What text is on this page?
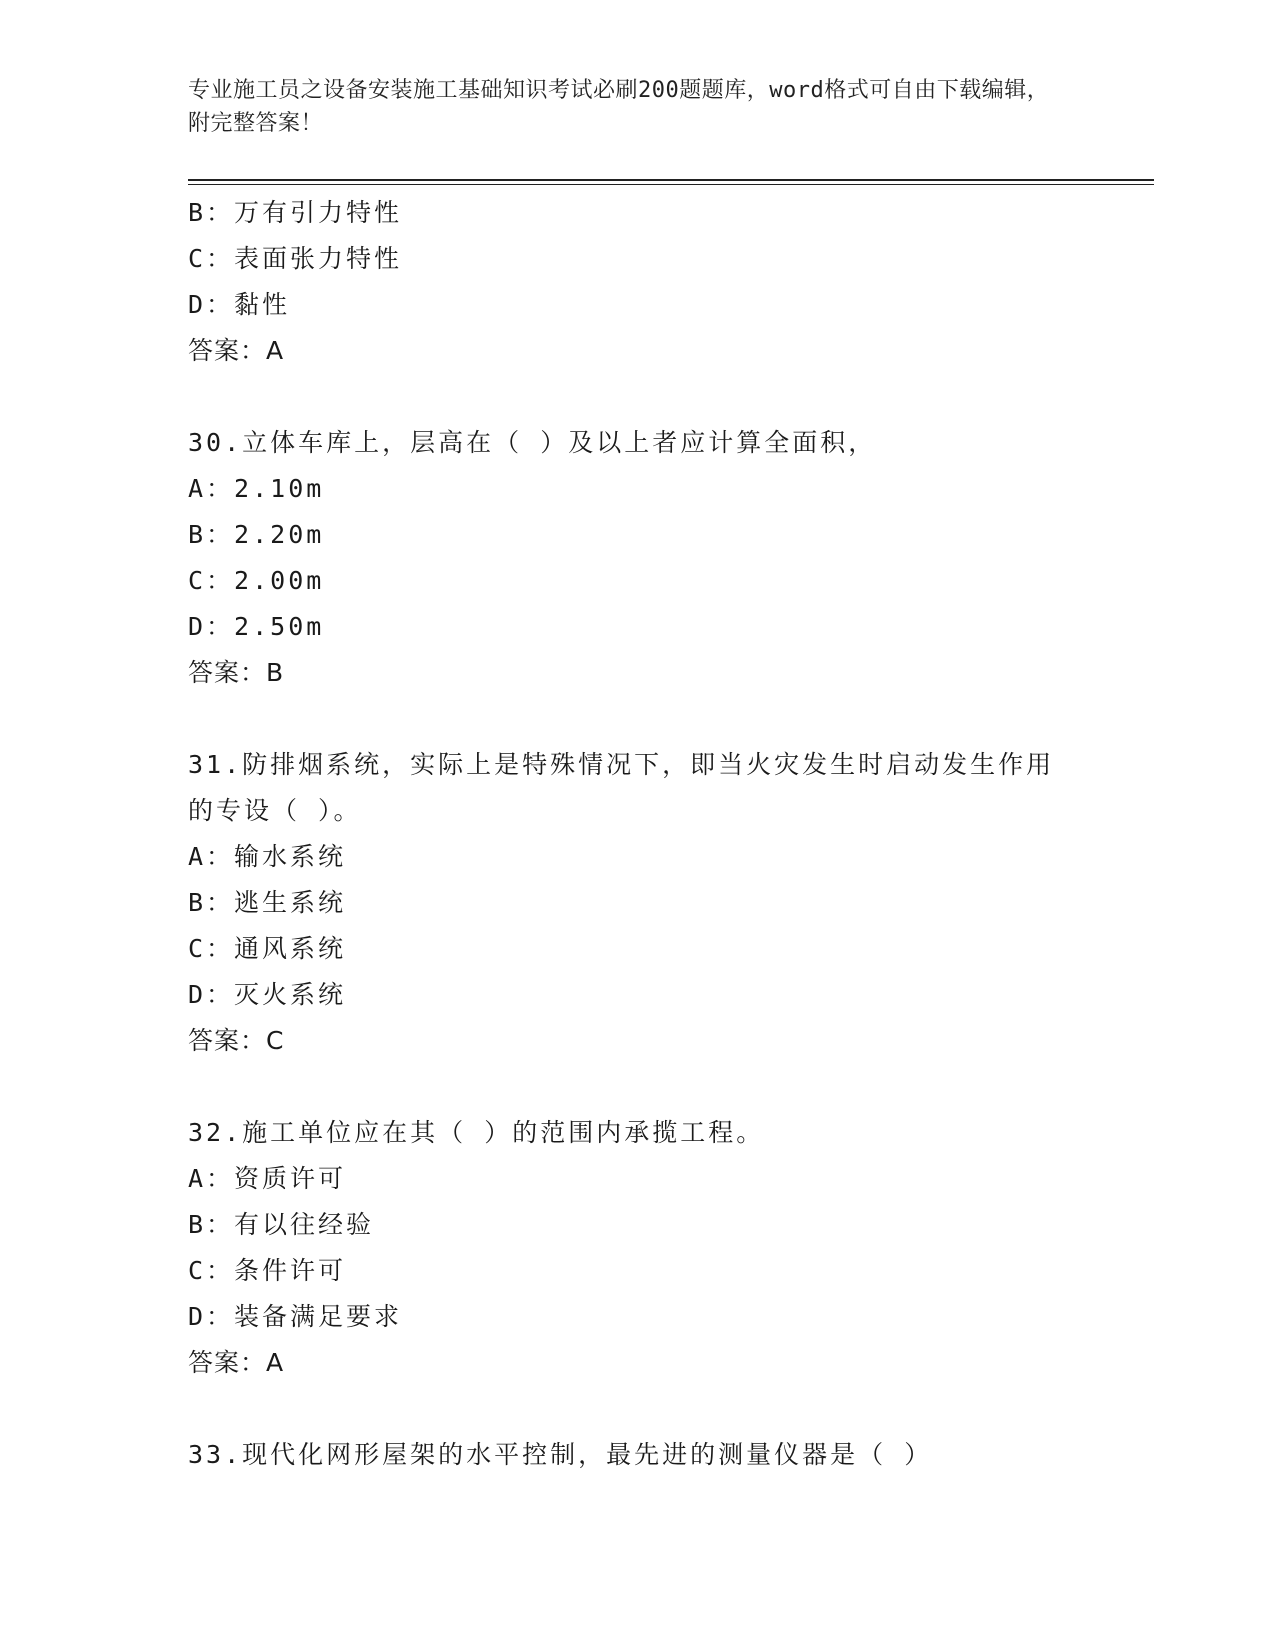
专业施工员之设备安装施工基础知识考试必刷200题题库，word格式可自由下载编辑，附完整答案！
B：万有引力特性
C：表面张力特性
D：黏性
答案：A
30.立体车库上，层高在（ ）及以上者应计算全面积，
A：2.10m
B：2.20m
C：2.00m
D：2.50m
答案：B
31.防排烟系统，实际上是特殊情况下，即当火灾发生时启动发生作用的专设（ ）。
A：输水系统
B：逃生系统
C：通风系统
D：灭火系统
答案：C
32.施工单位应在其（ ）的范围内承揽工程。
A：资质许可
B：有以往经验
C：条件许可
D：装备满足要求
答案：A
33.现代化网形屋架的水平控制，最先进的测量仪器是（ ）
